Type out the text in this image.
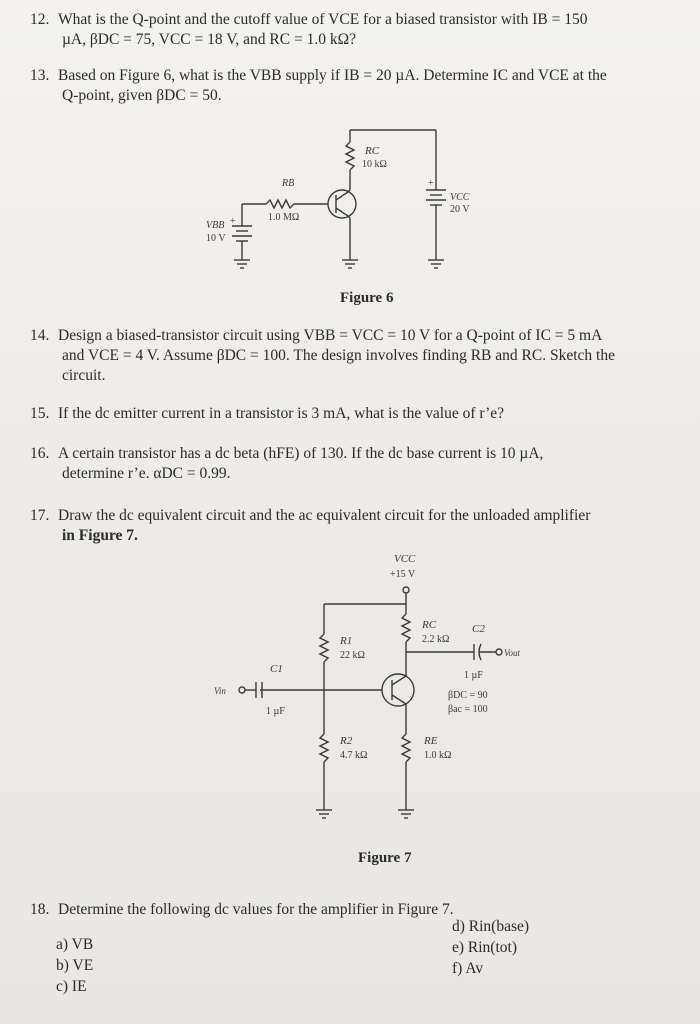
12. What is the Q-point and the cutoff value of VCE for a biased transistor with IB = 150
µA, βDC = 75, VCC = 18 V, and RC = 1.0 kΩ?
13. Based on Figure 6, what is the VBB supply if IB = 20 µA. Determine IC and VCE at the
Q-point, given βDC = 50.
RC
10 kΩ
RB
1.0 MΩ
VBB
10 V
+
+
VCC
20 V
Figure 6
14. Design a biased-transistor circuit using VBB = VCC = 10 V for a Q-point of IC = 5 mA
and VCE = 4 V. Assume βDC = 100. The design involves finding RB and RC. Sketch the
circuit.
15. If the dc emitter current in a transistor is 3 mA, what is the value of r’e?
16. A certain transistor has a dc beta (hFE) of 130. If the dc base current is 10 µA,
determine r’e. αDC = 0.99.
17. Draw the dc equivalent circuit and the ac equivalent circuit for the unloaded amplifier
in Figure 7.
VCC
+15 V
RC
2.2 kΩ
C2
1 µF
Vout
R1
22 kΩ
C1
1 µF
Vin	βDC = 90
βac = 100
R2
4.7 kΩ
RE
1.0 kΩ
Figure 7
18. Determine the following dc values for the amplifier in Figure 7.
a) VB
b) VE
c) IE
d) Rin(base)
e) Rin(tot)
f) Av
